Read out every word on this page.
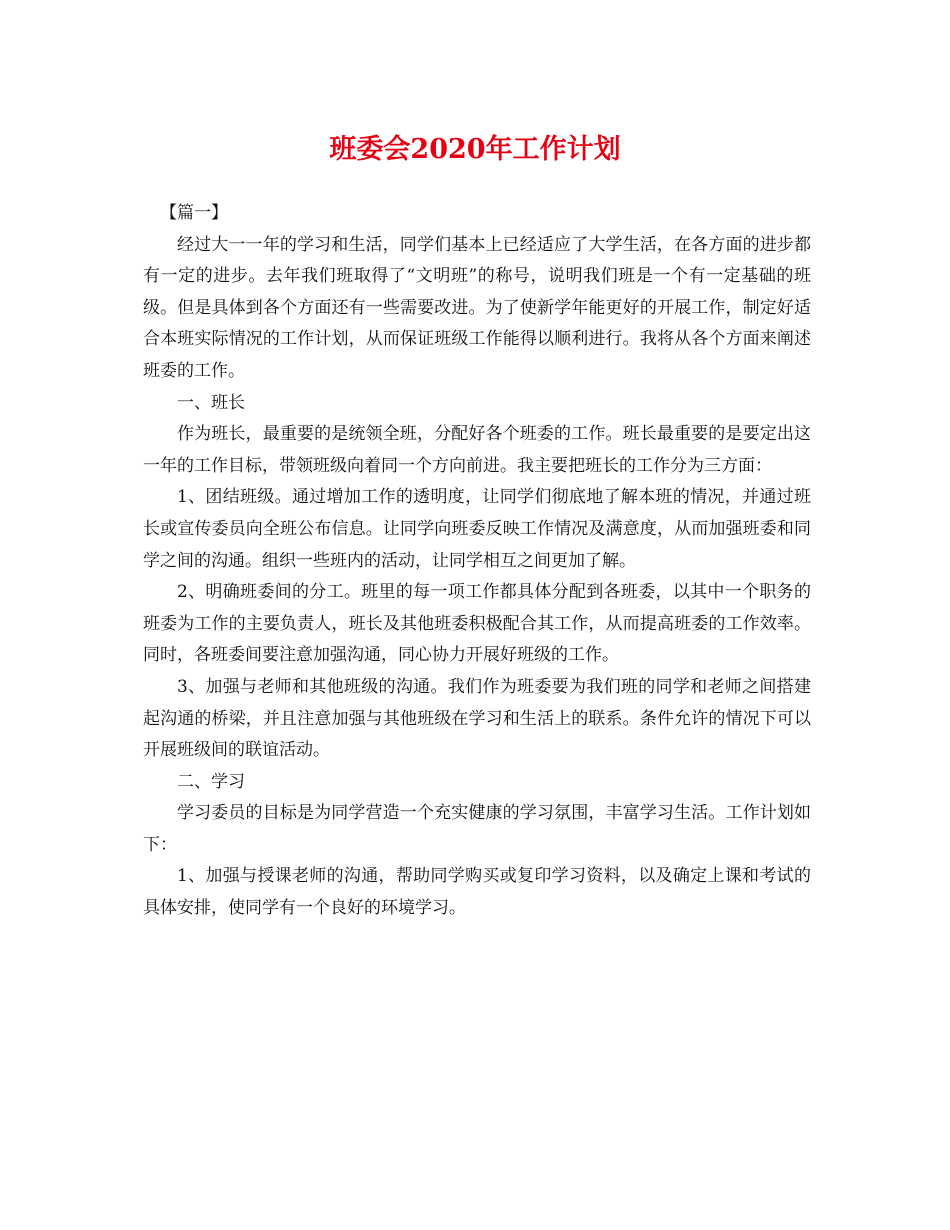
班委会2020年工作计划

【篇一】

经过大一一年的学习和生活，同学们基本上已经适应了大学生活，在各方面的进步都有一定的进步。去年我们班取得了“文明班”的称号，说明我们班是一个有一定基础的班级。但是具体到各个方面还有一些需要改进。为了使新学年能更好的开展工作，制定好适合本班实际情况的工作计划，从而保证班级工作能得以顺利进行。我将从各个方面来阐述班委的工作。

一、班长

作为班长，最重要的是统领全班，分配好各个班委的工作。班长最重要的是要定出这一年的工作目标，带领班级向着同一个方向前进。我主要把班长的工作分为三方面：

1、团结班级。通过增加工作的透明度，让同学们彻底地了解本班的情况，并通过班长或宣传委员向全班公布信息。让同学向班委反映工作情况及满意度，从而加强班委和同学之间的沟通。组织一些班内的活动，让同学相互之间更加了解。

2、明确班委间的分工。班里的每一项工作都具体分配到各班委，以其中一个职务的班委为工作的主要负责人，班长及其他班委积极配合其工作，从而提高班委的工作效率。同时，各班委间要注意加强沟通，同心协力开展好班级的工作。

3、加强与老师和其他班级的沟通。我们作为班委要为我们班的同学和老师之间搭建起沟通的桥梁，并且注意加强与其他班级在学习和生活上的联系。条件允许的情况下可以开展班级间的联谊活动。

二、学习

学习委员的目标是为同学营造一个充实健康的学习氛围，丰富学习生活。工作计划如下：

1、加强与授课老师的沟通，帮助同学购买或复印学习资料，以及确定上课和考试的具体安排，使同学有一个良好的环境学习。
